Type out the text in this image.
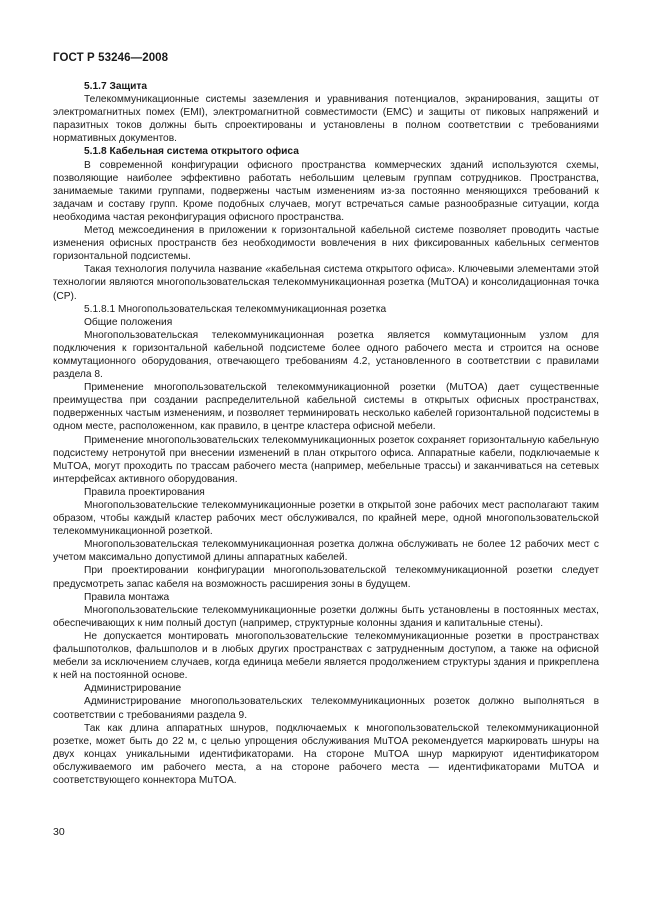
ГОСТ Р 53246—2008

5.1.7 Защита

Телекоммуникационные системы заземления и уравнивания потенциалов, экранирования, защиты от электромагнитных помех (EMI), электромагнитной совместимости (EMC) и защиты от пиковых напряжений и паразитных токов должны быть спроектированы и установлены в полном соответствии с требованиями нормативных документов.

5.1.8 Кабельная система открытого офиса

В современной конфигурации офисного пространства коммерческих зданий используются схемы, позволяющие наиболее эффективно работать небольшим целевым группам сотрудников. Пространства, занимаемые такими группами, подвержены частым изменениям из-за постоянно меняющихся требований к задачам и составу групп. Кроме подобных случаев, могут встречаться самые разнообразные ситуации, когда необходима частая реконфигурация офисного пространства.

Метод межсоединения в приложении к горизонтальной кабельной системе позволяет проводить частые изменения офисных пространств без необходимости вовлечения в них фиксированных кабельных сегментов горизонтальной подсистемы.

Такая технология получила название «кабельная система открытого офиса». Ключевыми элементами этой технологии являются многопользовательская телекоммуникационная розетка (MuTOA) и консолидационная точка (CP).

5.1.8.1 Многопользовательская телекоммуникационная розетка

Общие положения

Многопользовательская телекоммуникационная розетка является коммутационным узлом для подключения к горизонтальной кабельной подсистеме более одного рабочего места и строится на основе коммутационного оборудования, отвечающего требованиям 4.2, установленного в соответствии с правилами раздела 8.

Применение многопользовательской телекоммуникационной розетки (MuTOA) дает существенные преимущества при создании распределительной кабельной системы в открытых офисных пространствах, подверженных частым изменениям, и позволяет терминировать несколько кабелей горизонтальной подсистемы в одном месте, расположенном, как правило, в центре кластера офисной мебели.

Применение многопользовательских телекоммуникационных розеток сохраняет горизонтальную кабельную подсистему нетронутой при внесении изменений в план открытого офиса. Аппаратные кабели, подключаемые к MuTOA, могут проходить по трассам рабочего места (например, мебельные трассы) и заканчиваться на сетевых интерфейсах активного оборудования.

Правила проектирования

Многопользовательские телекоммуникационные розетки в открытой зоне рабочих мест располагают таким образом, чтобы каждый кластер рабочих мест обслуживался, по крайней мере, одной многопользовательской телекоммуникационной розеткой.

Многопользовательская телекоммуникационная розетка должна обслуживать не более 12 рабочих мест с учетом максимально допустимой длины аппаратных кабелей.

При проектировании конфигурации многопользовательской телекоммуникационной розетки следует предусмотреть запас кабеля на возможность расширения зоны в будущем.

Правила монтажа

Многопользовательские телекоммуникационные розетки должны быть установлены в постоянных местах, обеспечивающих к ним полный доступ (например, структурные колонны здания и капитальные стены).

Не допускается монтировать многопользовательские телекоммуникационные розетки в пространствах фальшпотолков, фальшполов и в любых других пространствах с затрудненным доступом, а также на офисной мебели за исключением случаев, когда единица мебели является продолжением структуры здания и прикреплена к ней на постоянной основе.

Администрирование

Администрирование многопользовательских телекоммуникационных розеток должно выполняться в соответствии с требованиями раздела 9.

Так как длина аппаратных шнуров, подключаемых к многопользовательской телекоммуникационной розетке, может быть до 22 м, с целью упрощения обслуживания MuTOA рекомендуется маркировать шнуры на двух концах уникальными идентификаторами. На стороне MuTOA шнур маркируют идентификатором обслуживаемого им рабочего места, а на стороне рабочего места — идентификаторами MuTOA и соответствующего коннектора MuTOA.

30
